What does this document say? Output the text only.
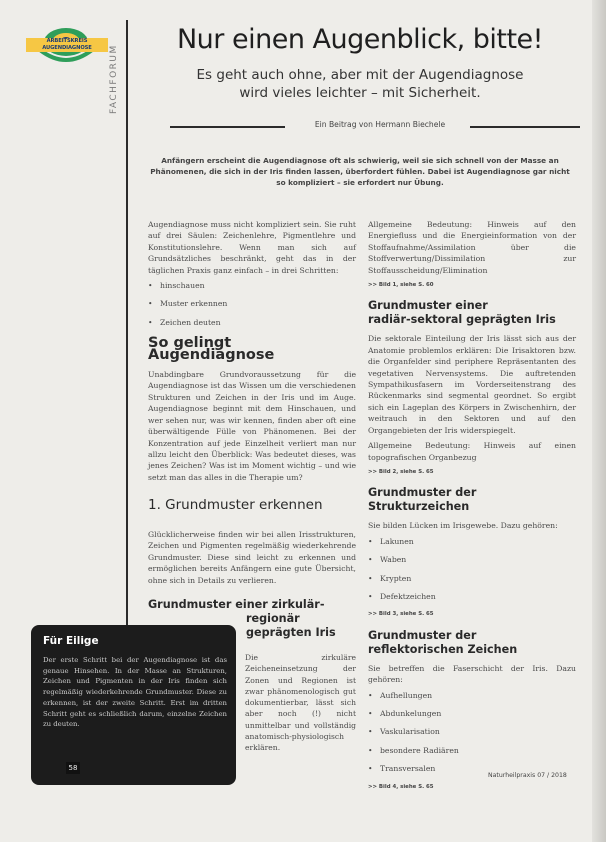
ARBEITSKREIS AUGENDIAGNOSE	FACHFORUM
Nur einen Augenblick, bitte!
Es geht auch ohne, aber mit der Augendiagnose
wird vieles leichter – mit Sicherheit.
Ein Beitrag von Hermann Biechele
Anfängern erscheint die Augendiagnose oft als schwierig, weil sie sich schnell von der Masse an Phänomenen, die sich in der Iris finden lassen, überfordert fühlen. Dabei ist Augendiagnose gar nicht so kompliziert – sie erfordert nur Übung.

Augendiagnose muss nicht kompliziert sein. Sie ruht auf drei Säulen: Zeichenlehre, Pigmentlehre und Konstitutionslehre. Wenn man sich auf Grundsätzliches beschränkt, geht das in der täglichen Praxis ganz einfach – in drei Schritten:

• hinschauen
• Muster erkennen
• Zeichen deuten
So gelingt Augendiagnose

Unabdingbare Grundvoraussetzung für die Augendiagnose ist das Wissen um die verschiedenen Strukturen und Zeichen in der Iris und im Auge. Augendiagnose beginnt mit dem Hinschauen, und wer sehen nur, was wir kennen, finden aber oft eine überwältigende Fülle von Phänomenen. Bei der Konzentration auf jede Einzelheit verliert man nur allzu leicht den Überblick: Was bedeutet dieses, was jenes Zeichen? Was ist im Moment wichtig – und wie setzt man das alles in die Therapie um?

1. Grundmuster erkennen

Glücklicherweise finden wir bei allen Irisstrukturen, Zeichen und Pigmenten regelmäßig wiederkehrende Grundmuster. Diese sind leicht zu erkennen und ermöglichen bereits Anfängern eine gute Übersicht, ohne sich in Details zu verlieren.

Grundmuster einer zirkulär-
regionär
geprägten Iris
Die zirkuläre Zeicheneinsetzung der Zonen und Regionen ist zwar phänomenologisch gut dokumentierbar, lässt sich aber noch (!) nicht unmittelbar und vollständig anatomisch-physiologisch erklären.

Allgemeine Bedeutung: Hinweis auf den Energiefluss und die Energieinformation von der Stoffaufnahme/Assimilation über die Stoffverwertung/Dissimilation zur Stoffausscheidung/Elimination

>> Bild 1, siehe S. 60
Grundmuster einer
radiär-sektoral geprägten Iris

Die sektorale Einteilung der Iris lässt sich aus der Anatomie problemlos erklären: Die Irisaktoren bzw. die Organfelder sind periphere Repräsentanten des vegetativen Nervensystems. Die auftretenden Sympathikusfasern im Vorderseitenstrang des Rückenmarks sind segmental geordnet. So ergibt sich ein Lageplan des Körpers in Zwischenhirn, der weitrauch in den Sektoren und auf den Organgebieten der Iris widerspiegelt.

Allgemeine Bedeutung: Hinweis auf einen topografischen Organbezug

>> Bild 2, siehe S. 65
Grundmuster der
Strukturzeichen

Sie bilden Lücken im Irisgewebe. Dazu gehören:

• Lakunen
• Waben
• Krypten
• Defektzeichen
>> Bild 3, siehe S. 65
Grundmuster der
reflektorischen Zeichen

Sie betreffen die Faserschicht der Iris. Dazu gehören:

• Aufhellungen
• Abdunkelungen
• Vaskularisation
• besondere Radiären
• Transversalen
>> Bild 4, siehe S. 65
Für Eilige
Der erste Schritt bei der Augendiagnose ist das genaue Hinsehen. In der Masse an Strukturen, Zeichen und Pigmenten in der Iris finden sich regelmäßig wiederkehrende Grundmuster. Diese zu erkennen, ist der zweite Schritt. Erst im dritten Schritt geht es schließlich darum, einzelne Zeichen zu deuten.
58
Naturheilpraxis 07 / 2018
